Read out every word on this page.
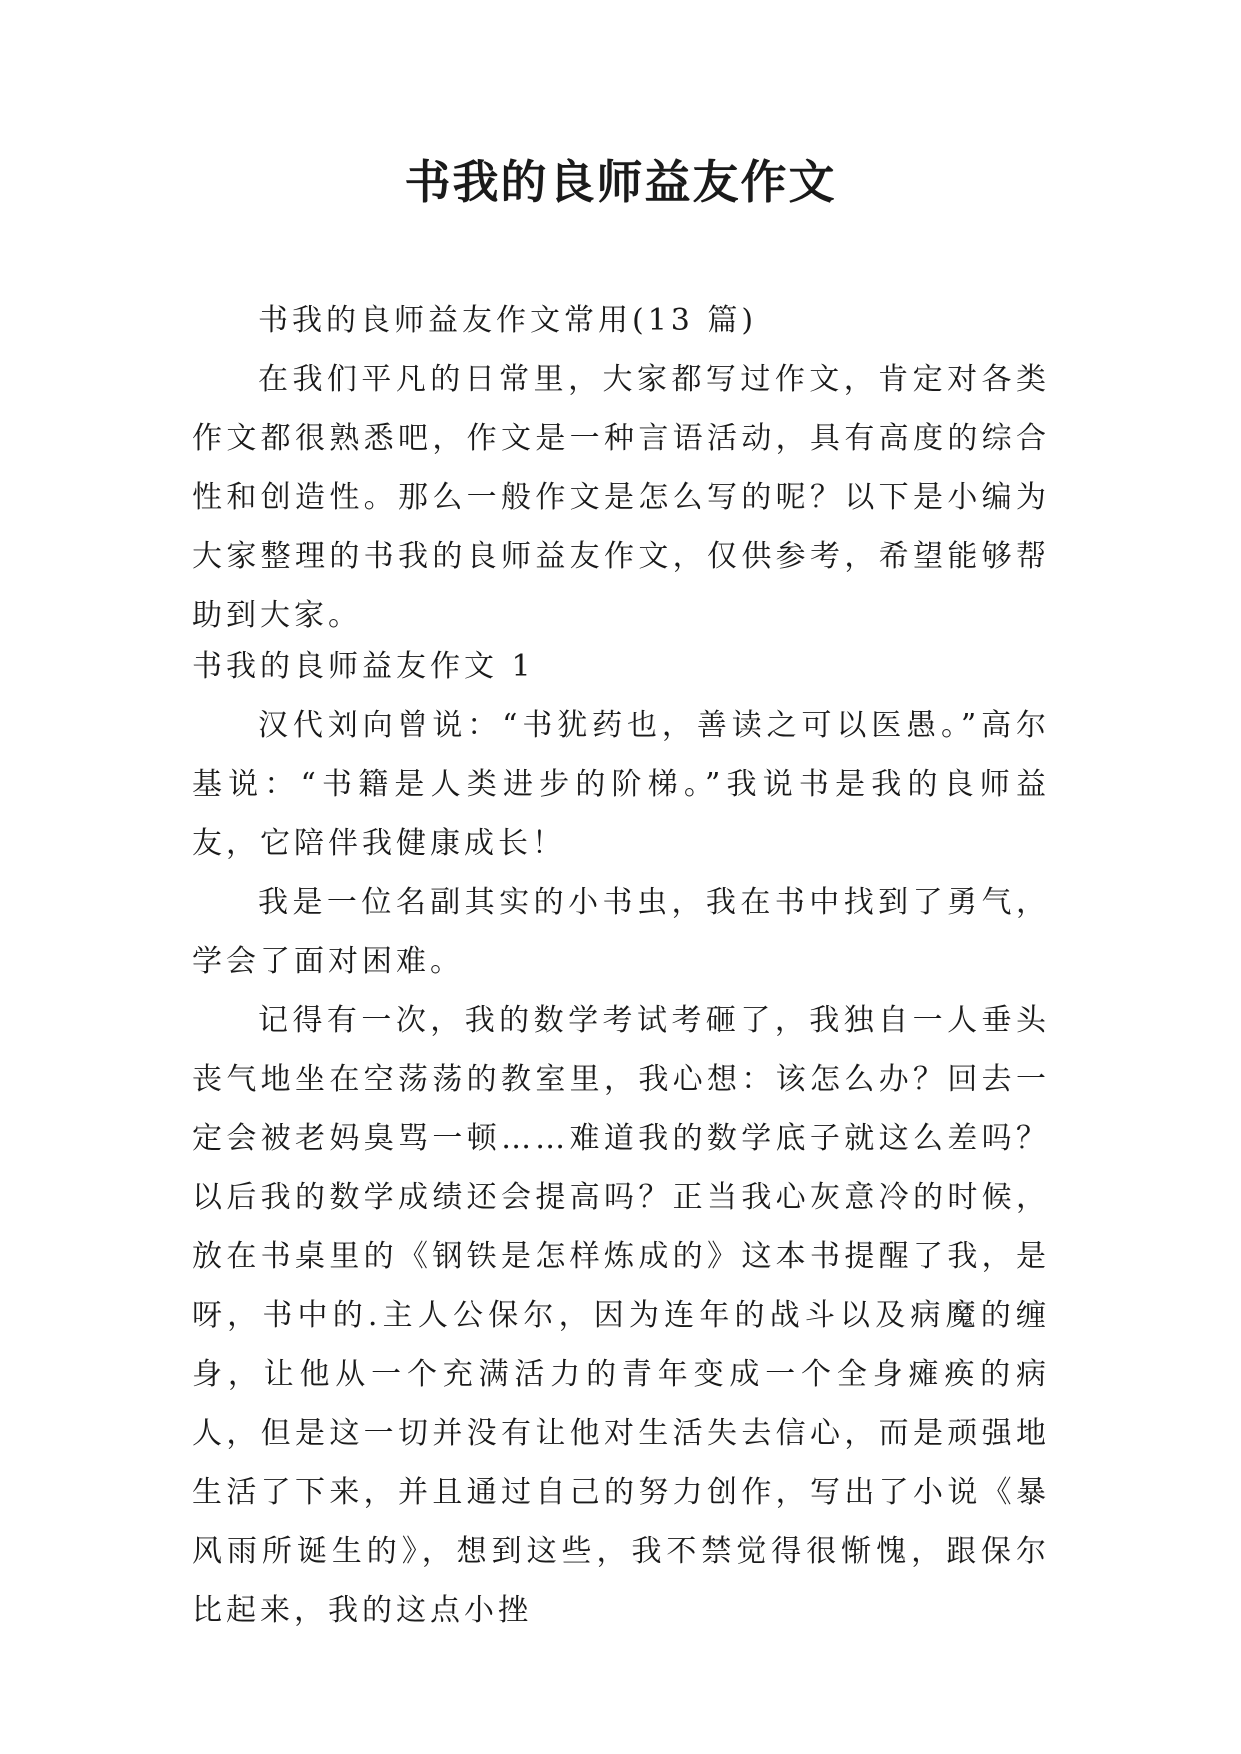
书我的良师益友作文

书我的良师益友作文常用(13 篇)

在我们平凡的日常里，大家都写过作文，肯定对各类作文都很熟悉吧，作文是一种言语活动，具有高度的综合性和创造性。那么一般作文是怎么写的呢？以下是小编为大家整理的书我的良师益友作文，仅供参考，希望能够帮助到大家。

书我的良师益友作文 1

汉代刘向曾说：“书犹药也，善读之可以医愚。”高尔基说：“书籍是人类进步的阶梯。”我说书是我的良师益友，它陪伴我健康成长！

我是一位名副其实的小书虫，我在书中找到了勇气，学会了面对困难。

记得有一次，我的数学考试考砸了，我独自一人垂头丧气地坐在空荡荡的教室里，我心想：该怎么办？回去一定会被老妈臭骂一顿……难道我的数学底子就这么差吗？以后我的数学成绩还会提高吗？正当我心灰意冷的时候，放在书桌里的《钢铁是怎样炼成的》这本书提醒了我，是呀，书中的.主人公保尔，因为连年的战斗以及病魔的缠身，让他从一个充满活力的青年变成一个全身瘫痪的病人，但是这一切并没有让他对生活失去信心，而是顽强地生活了下来，并且通过自己的努力创作，写出了小说《暴风雨所诞生的》，想到这些，我不禁觉得很惭愧，跟保尔比起来，我的这点小挫
